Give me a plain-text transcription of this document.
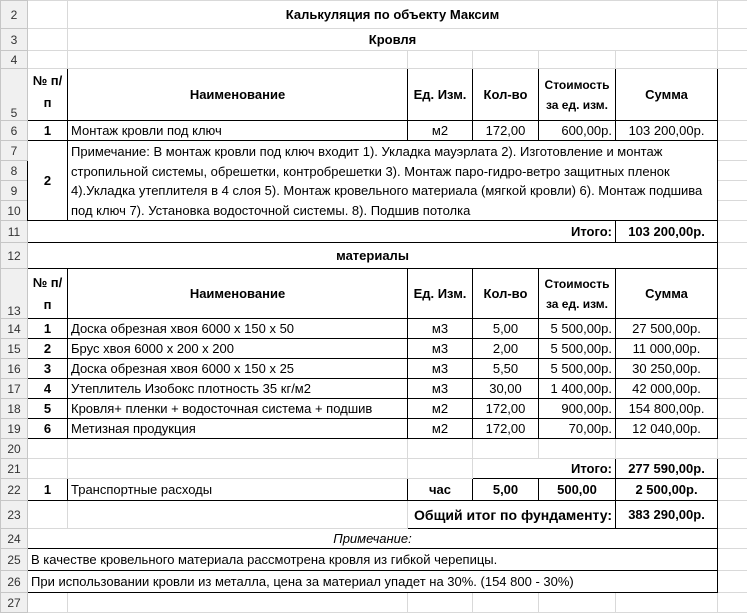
2		Калькуляция по объекту Максим					
3		Кровля					
4							
5	№ п/п	Наименование	Ед. Изм.	Кол-во	Стоимость за ед. изм.	Сумма	
6	1	Монтаж кровли под ключ	м2	172,00	600,00р.	103 200,00р.	
7	2	Примечание: В монтаж кровли под ключ входит 1). Укладка мауэрлата 2). Изготовление и монтаж стропильной системы, обрешетки, контробрешетки 3). Монтаж паро-гидро-ветро защитных пленок 4).Укладка утеплителя в 4 слоя 5). Монтаж кровельного материала (мягкой кровли) 6). Монтаж подшива под ключ 7). Установка водосточной системы. 8). Подшив потолка					
8							
9							
10							
11					Итого:	103 200,00р.	
12	материалы						
13	№ п/п	Наименование	Ед. Изм.	Кол-во	Стоимость за ед. изм.	Сумма	
14	1	Доска обрезная хвоя 6000 х 150 х 50	м3	5,00	5 500,00р.	27 500,00р.	
15	2	Брус хвоя 6000 х 200 х 200	м3	2,00	5 500,00р.	11 000,00р.	
16	3	Доска обрезная хвоя 6000 х 150 х 25	м3	5,50	5 500,00р.	30 250,00р.	
17	4	Утеплитель Изобокс плотность 35 кг/м2	м3	30,00	1 400,00р.	42 000,00р.	
18	5	Кровля+ пленки + водосточная система + подшив	м2	172,00	900,00р.	154 800,00р.	
19	6	Метизная продукция	м2	172,00	70,00р.	12 040,00р.	
20							
21					Итого:	277 590,00р.	
22	1	Транспортные расходы	час	5,00	500,00	2 500,00р.	
23			Общий итог по фундаменту:			383 290,00р.	
24	Примечание:						
25	В качестве кровельного материала рассмотрена кровля из гибкой черепицы.						
26	При использовании кровли из металла, цена за материал упадет на 30%. (154 800 - 30%)						
27							
